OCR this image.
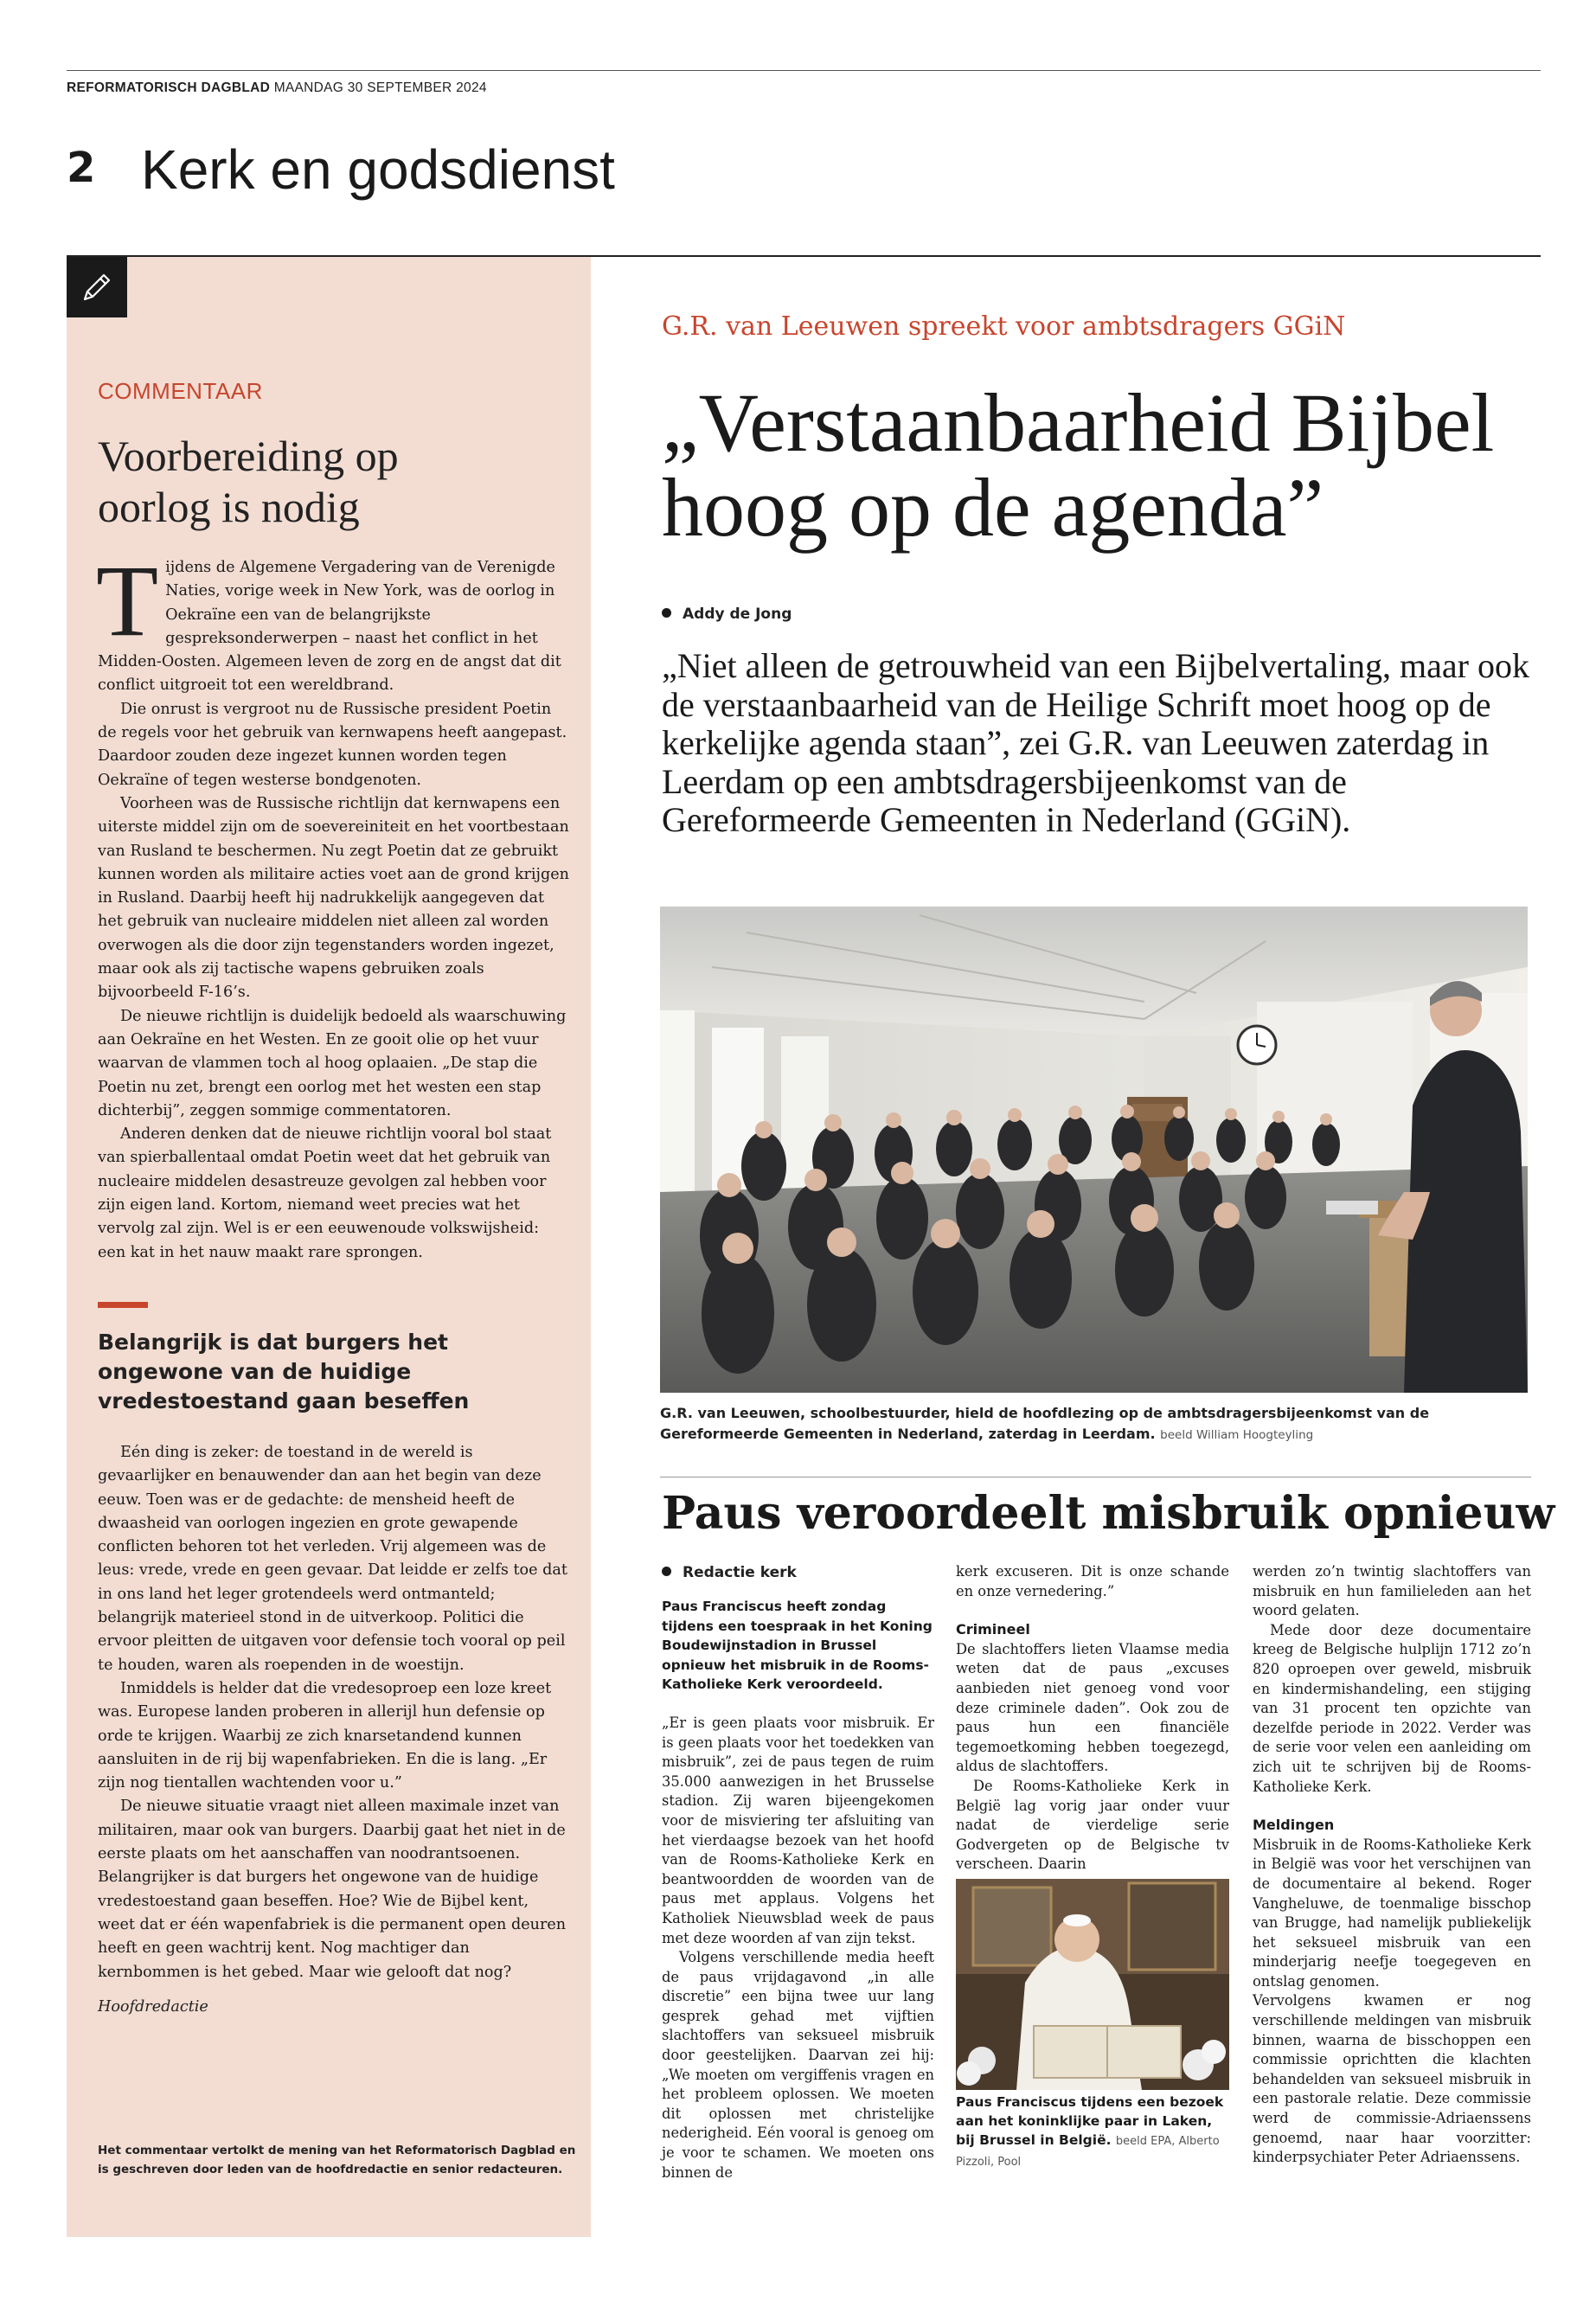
REFORMATORISCH DAGBLAD MAANDAG 30 SEPTEMBER 2024
2 Kerk en godsdienst
COMMENTAAR
Voorbereiding op
oorlog is nodig
T ijdens de Algemene Vergadering van de Verenigde Naties, vorige week in New York, was de oorlog in Oekraïne een van de belangrijkste gespreksonderwerpen – naast het conflict in het Midden-Oosten. Algemeen leven de zorg en de angst dat dit conflict uitgroeit tot een wereldbrand.

Die onrust is vergroot nu de Russische president Poetin de regels voor het gebruik van kernwapens heeft aangepast. Daardoor zouden deze ingezet kunnen worden tegen Oekraïne of tegen westerse bondgenoten.

Voorheen was de Russische richtlijn dat kernwapens een uiterste middel zijn om de soevereiniteit en het voortbestaan van Rusland te beschermen. Nu zegt Poetin dat ze gebruikt kunnen worden als militaire acties voet aan de grond krijgen in Rusland. Daarbij heeft hij nadrukkelijk aangegeven dat het gebruik van nucleaire middelen niet alleen zal worden overwogen als die door zijn tegenstanders worden ingezet, maar ook als zij tactische wapens gebruiken zoals bijvoorbeeld F-16’s.

De nieuwe richtlijn is duidelijk bedoeld als waarschuwing aan Oekraïne en het Westen. En ze gooit olie op het vuur waarvan de vlammen toch al hoog oplaaien. „De stap die Poetin nu zet, brengt een oorlog met het westen een stap dichterbij”, zeggen sommige commentatoren.

Anderen denken dat de nieuwe richtlijn vooral bol staat van spierballentaal omdat Poetin weet dat het gebruik van nucleaire middelen desastreuze gevolgen zal hebben voor zijn eigen land. Kortom, niemand weet precies wat het vervolg zal zijn. Wel is er een eeuwenoude volkswijsheid: een kat in het nauw maakt rare sprongen.

Belangrijk is dat burgers het ongewone van de huidige vredestoestand gaan beseffen

Eén ding is zeker: de toestand in de wereld is gevaarlijker en benauwender dan aan het begin van deze eeuw. Toen was er de gedachte: de mensheid heeft de dwaasheid van oorlogen ingezien en grote gewapende conflicten behoren tot het verleden. Vrij algemeen was de leus: vrede, vrede en geen gevaar. Dat leidde er zelfs toe dat in ons land het leger grotendeels werd ontmanteld; belangrijk materieel stond in de uitverkoop. Politici die ervoor pleitten de uitgaven voor defensie toch vooral op peil te houden, waren als roependen in de woestijn.

Inmiddels is helder dat die vredesoproep een loze kreet was. Europese landen proberen in allerijl hun defensie op orde te krijgen. Waarbij ze zich knarsetandend kunnen aansluiten in de rij bij wapenfabrieken. En die is lang. „Er zijn nog tientallen wachtenden voor u.”

De nieuwe situatie vraagt niet alleen maximale inzet van militairen, maar ook van burgers. Daarbij gaat het niet in de eerste plaats om het aanschaffen van noodrantsoenen. Belangrijker is dat burgers het ongewone van de huidige vredestoestand gaan beseffen. Hoe? Wie de Bijbel kent, weet dat er één wapenfabriek is die permanent open deuren heeft en geen wachtrij kent. Nog machtiger dan kernbommen is het gebed. Maar wie gelooft dat nog?

Hoofdredactie
Het commentaar vertolkt de mening van het Reformatorisch Dagblad en is geschreven door leden van de hoofdredactie en senior redacteuren.
G.R. van Leeuwen spreekt voor ambtsdragers GGiN
„Verstaanbaarheid Bijbel
hoog op de agenda”
Addy de Jong
„Niet alleen de getrouwheid van een Bijbelvertaling, maar ook de verstaanbaarheid van de Heilige Schrift moet hoog op de kerkelijke agenda staan”, zei G.R. van Leeuwen zaterdag in Leerdam op een ambtsdragersbijeenkomst van de Gereformeerde Gemeenten in Nederland (GGiN).
G.R. van Leeuwen, schoolbestuurder, hield de hoofdlezing op de ambtsdragersbijeenkomst van de Gereformeerde Gemeenten in Nederland, zaterdag in Leerdam. beeld William Hoogteyling
Paus veroordeelt misbruik opnieuw
Redactie kerk

Paus Franciscus heeft zondag tijdens een toespraak in het Koning Boudewijnstadion in Brussel opnieuw het misbruik in de Rooms-Katholieke Kerk veroordeeld.

„Er is geen plaats voor misbruik. Er is geen plaats voor het toedekken van misbruik”, zei de paus tegen de ruim 35.000 aanwezigen in het Brusselse stadion. Zij waren bijeengekomen voor de misviering ter afsluiting van het vierdaagse bezoek van het hoofd van de Rooms-Katholieke Kerk en beantwoordden de woorden van de paus met applaus. Volgens het Katholiek Nieuwsblad week de paus met deze woorden af van zijn tekst.

Volgens verschillende media heeft de paus vrijdagavond „in alle discretie” een bijna twee uur lang gesprek gehad met vijftien slachtoffers van seksueel misbruik door geestelijken. Daarvan zei hij: „We moeten om vergiffenis vragen en het probleem oplossen. We moeten dit oplossen met christelijke nederigheid. Eén vooral is genoeg om je voor te schamen. We moeten ons binnen de

kerk excuseren. Dit is onze schande en onze vernedering.”

Crimineel

De slachtoffers lieten Vlaamse media weten dat de paus „excuses aanbieden niet genoeg vond voor deze criminele daden”. Ook zou de paus hun een financiële tegemoetkoming hebben toegezegd, aldus de slachtoffers.

De Rooms-Katholieke Kerk in België lag vorig jaar onder vuur nadat de vierdelige serie Godvergeten op de Belgische tv verscheen. Daarin

Paus Franciscus tijdens een bezoek aan het koninklijke paar in Laken, bij Brussel in België. beeld EPA, Alberto Pizzoli, Pool

werden zo’n twintig slachtoffers van misbruik en hun familieleden aan het woord gelaten.

Mede door deze documentaire kreeg de Belgische hulplijn 1712 zo’n 820 oproepen over geweld, misbruik en kindermishandeling, een stijging van 31 procent ten opzichte van dezelfde periode in 2022. Verder was de serie voor velen een aanleiding om zich uit te schrijven bij de Rooms-Katholieke Kerk.

Meldingen

Misbruik in de Rooms-Katholieke Kerk in België was voor het verschijnen van de documentaire al bekend. Roger Vangheluwe, de toenmalige bisschop van Brugge, had namelijk publiekelijk het seksueel misbruik van een minderjarig neefje toegegeven en ontslag genomen.

Vervolgens kwamen er nog verschillende meldingen van misbruik binnen, waarna de bisschoppen een commissie oprichtten die klachten behandelden van seksueel misbruik in een pastorale relatie. Deze commissie werd de commissie-Adriaenssens genoemd, naar haar voorzitter: kinderpsychiater Peter Adriaenssens.
